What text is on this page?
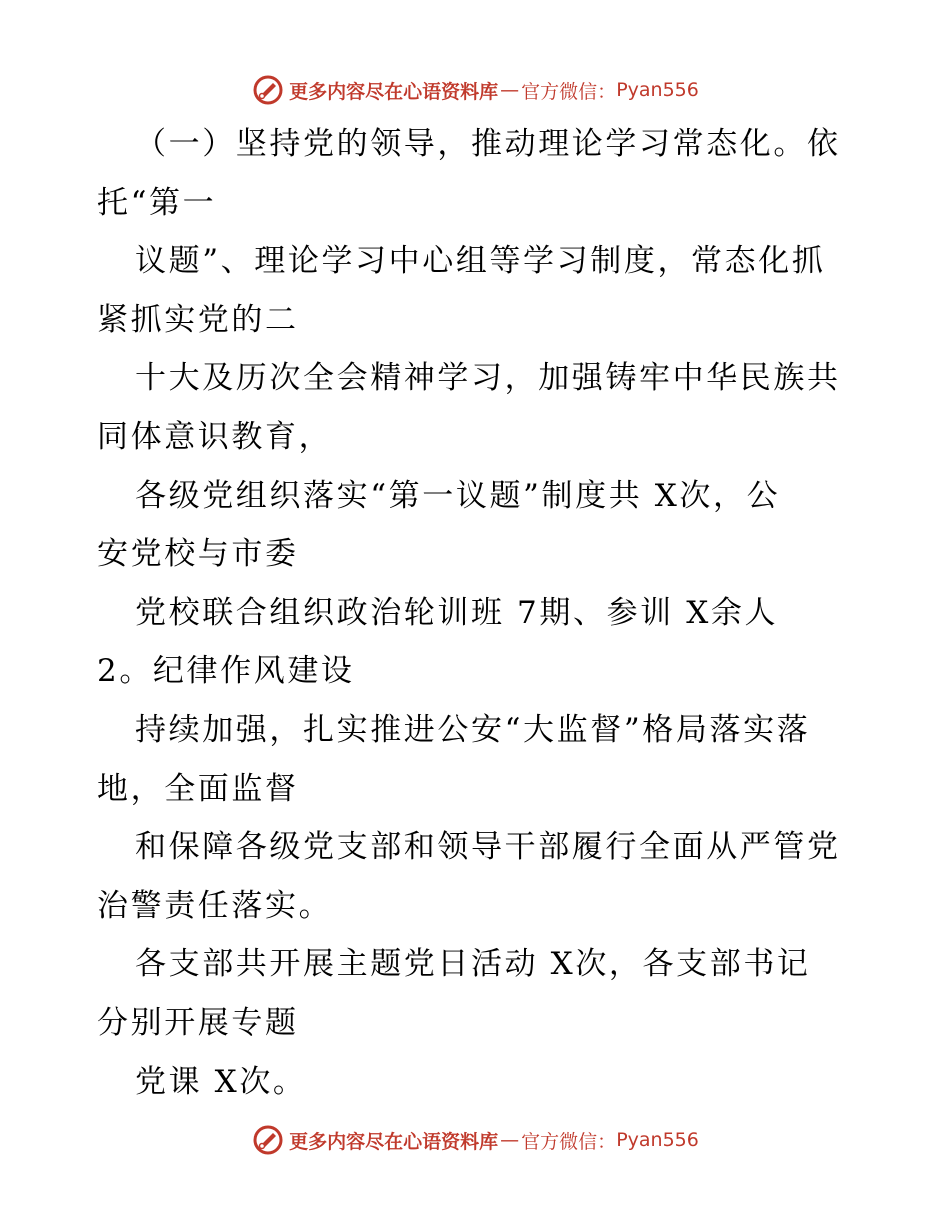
更多内容尽在心语资料库 — 官方微信： Pyan556
（一）坚持党的领导，推动理论学习常态化。依
托“第一
议题”、理论学习中心组等学习制度，常态化抓
紧抓实党的二
十大及历次全会精神学习，加强铸牢中华民族共
同体意识教育，
各级党组织落实“第一议题”制度共 X次，公
安党校与市委
党校联合组织政治轮训班 7期、参训 X余人
2。纪律作风建设
持续加强，扎实推进公安“大监督”格局落实落
地，全面监督
和保障各级党支部和领导干部履行全面从严管党
治警责任落实。
各支部共开展主题党日活动 X次，各支部书记
分别开展专题
党课 X次。
更多内容尽在心语资料库 — 官方微信： Pyan556
